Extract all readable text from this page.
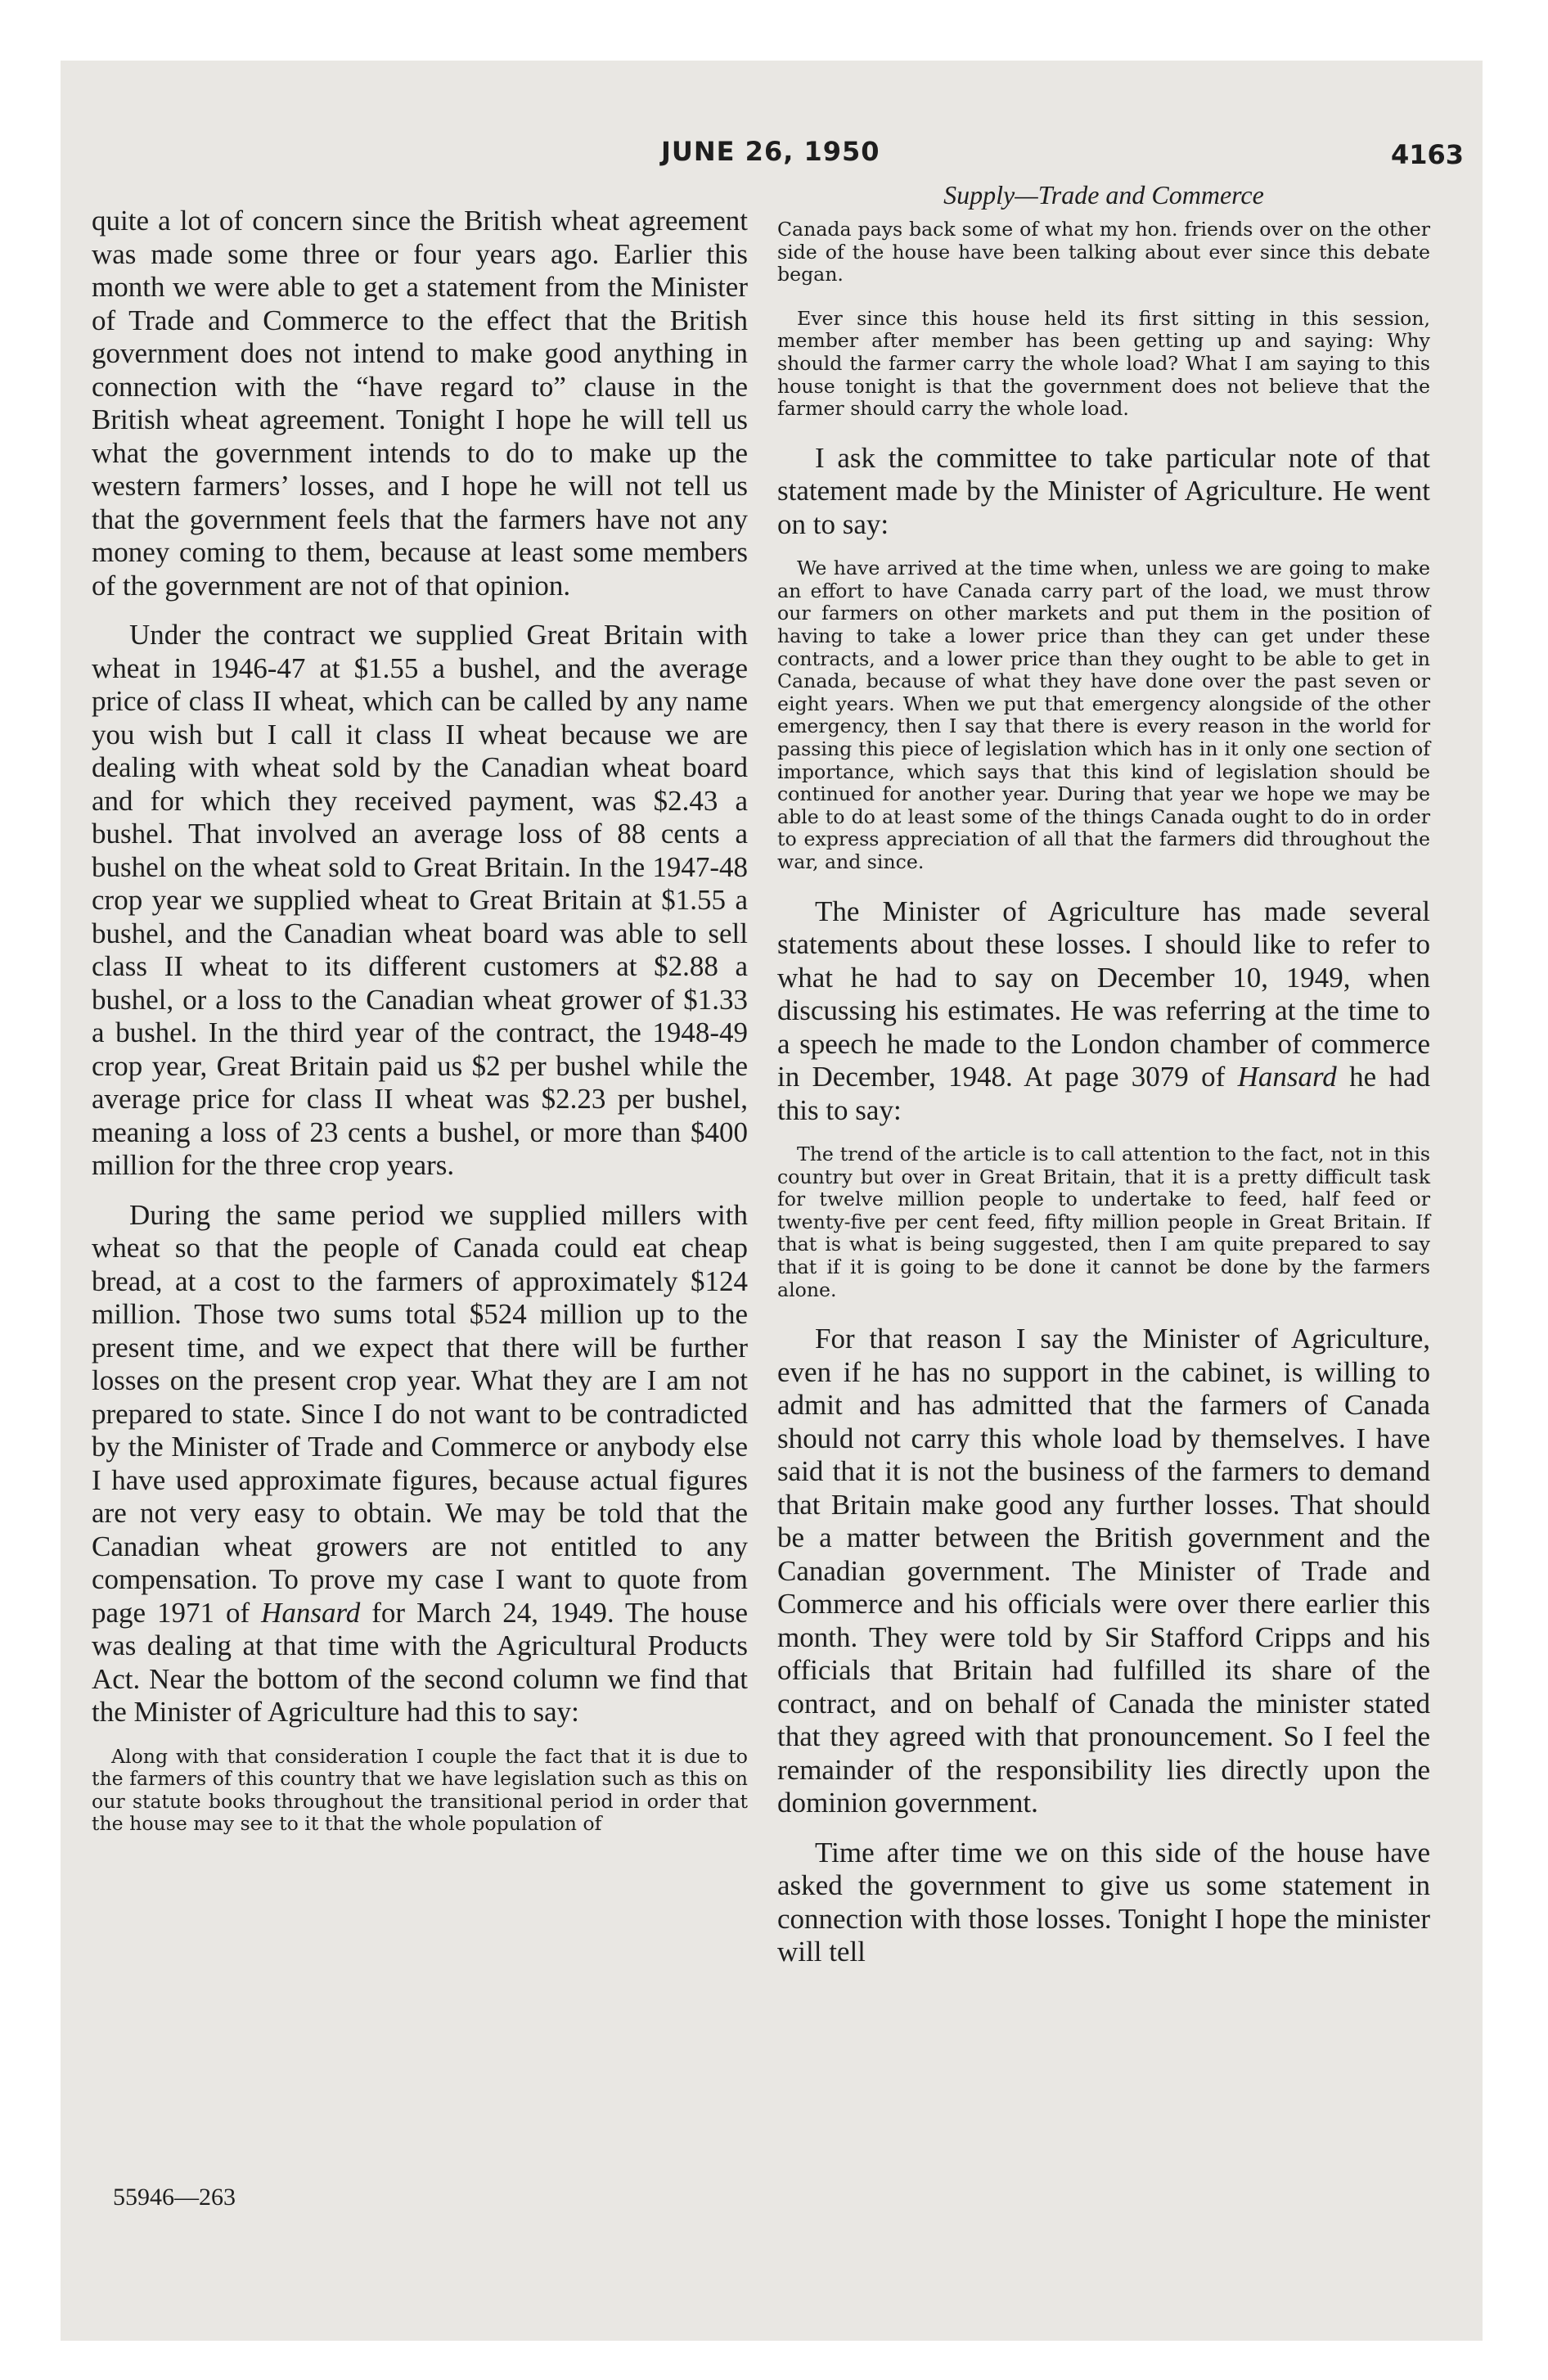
JUNE 26, 1950	4163

quite a lot of concern since the British wheat agreement was made some three or four years ago. Earlier this month we were able to get a statement from the Minister of Trade and Commerce to the effect that the British government does not intend to make good anything in connection with the “have regard to” clause in the British wheat agreement. Tonight I hope he will tell us what the government intends to do to make up the western farmers’ losses, and I hope he will not tell us that the government feels that the farmers have not any money coming to them, because at least some members of the government are not of that opinion.

Under the contract we supplied Great Britain with wheat in 1946-47 at $1.55 a bushel, and the average price of class II wheat, which can be called by any name you wish but I call it class II wheat because we are dealing with wheat sold by the Canadian wheat board and for which they received payment, was $2.43 a bushel. That involved an average loss of 88 cents a bushel on the wheat sold to Great Britain. In the 1947-48 crop year we supplied wheat to Great Britain at $1.55 a bushel, and the Canadian wheat board was able to sell class II wheat to its different customers at $2.88 a bushel, or a loss to the Canadian wheat grower of $1.33 a bushel. In the third year of the contract, the 1948-49 crop year, Great Britain paid us $2 per bushel while the average price for class II wheat was $2.23 per bushel, meaning a loss of 23 cents a bushel, or more than $400 million for the three crop years.

During the same period we supplied millers with wheat so that the people of Canada could eat cheap bread, at a cost to the farmers of approximately $124 million. Those two sums total $524 million up to the present time, and we expect that there will be further losses on the present crop year. What they are I am not prepared to state. Since I do not want to be contradicted by the Minister of Trade and Commerce or anybody else I have used approximate figures, because actual figures are not very easy to obtain. We may be told that the Canadian wheat growers are not entitled to any compensation. To prove my case I want to quote from page 1971 of Hansard for March 24, 1949. The house was dealing at that time with the Agricultural Products Act. Near the bottom of the second column we find that the Minister of Agriculture had this to say:

Along with that consideration I couple the fact that it is due to the farmers of this country that we have legislation such as this on our statute books throughout the transitional period in order that the house may see to it that the whole population of

55946—263
Supply—Trade and Commerce

Canada pays back some of what my hon. friends over on the other side of the house have been talking about ever since this debate began.

Ever since this house held its first sitting in this session, member after member has been getting up and saying: Why should the farmer carry the whole load? What I am saying to this house tonight is that the government does not believe that the farmer should carry the whole load.

I ask the committee to take particular note of that statement made by the Minister of Agriculture. He went on to say:

We have arrived at the time when, unless we are going to make an effort to have Canada carry part of the load, we must throw our farmers on other markets and put them in the position of having to take a lower price than they can get under these contracts, and a lower price than they ought to be able to get in Canada, because of what they have done over the past seven or eight years. When we put that emergency alongside of the other emergency, then I say that there is every reason in the world for passing this piece of legislation which has in it only one section of importance, which says that this kind of legislation should be continued for another year. During that year we hope we may be able to do at least some of the things Canada ought to do in order to express appreciation of all that the farmers did throughout the war, and since.

The Minister of Agriculture has made several statements about these losses. I should like to refer to what he had to say on December 10, 1949, when discussing his estimates. He was referring at the time to a speech he made to the London chamber of commerce in December, 1948. At page 3079 of Hansard he had this to say:

The trend of the article is to call attention to the fact, not in this country but over in Great Britain, that it is a pretty difficult task for twelve million people to undertake to feed, half feed or twenty-five per cent feed, fifty million people in Great Britain. If that is what is being suggested, then I am quite prepared to say that if it is going to be done it cannot be done by the farmers alone.

For that reason I say the Minister of Agriculture, even if he has no support in the cabinet, is willing to admit and has admitted that the farmers of Canada should not carry this whole load by themselves. I have said that it is not the business of the farmers to demand that Britain make good any further losses. That should be a matter between the British government and the Canadian government. The Minister of Trade and Commerce and his officials were over there earlier this month. They were told by Sir Stafford Cripps and his officials that Britain had fulfilled its share of the contract, and on behalf of Canada the minister stated that they agreed with that pronouncement. So I feel the remainder of the responsibility lies directly upon the dominion government.

Time after time we on this side of the house have asked the government to give us some statement in connection with those losses. Tonight I hope the minister will tell
